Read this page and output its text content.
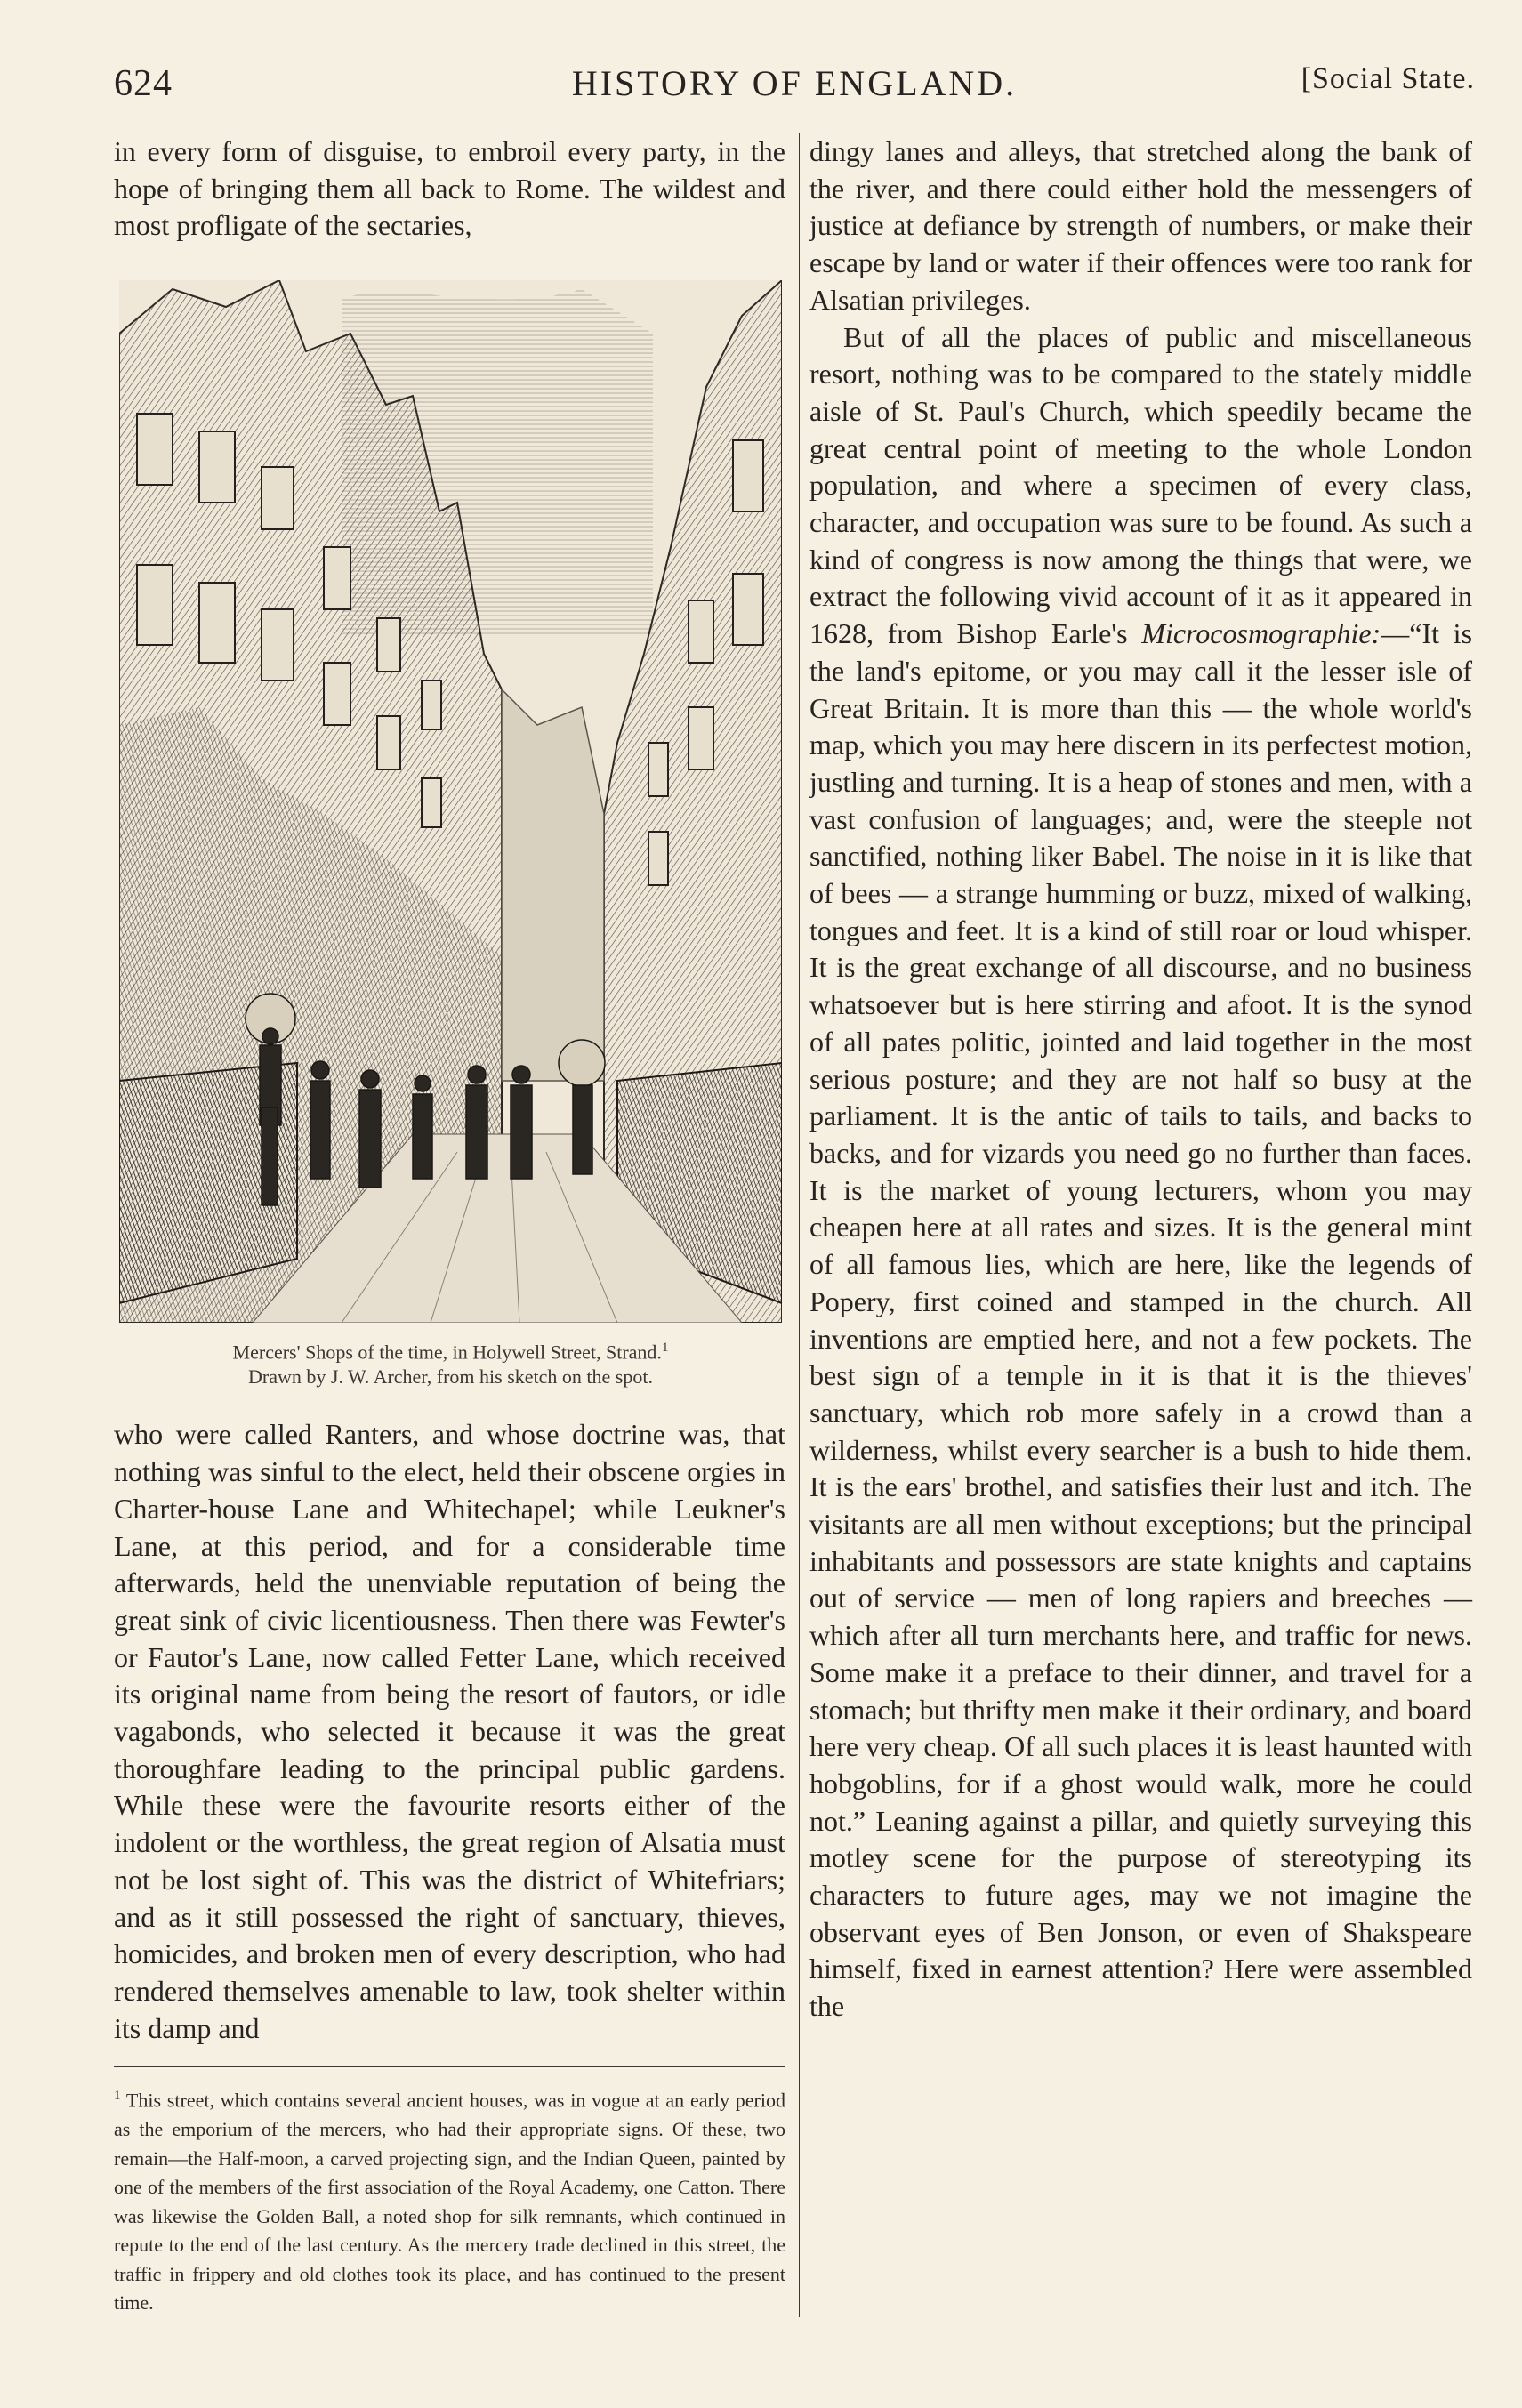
624	HISTORY OF ENGLAND.	[Social State.

in every form of disguise, to embroil every party, in the hope of bringing them all back to Rome. The wildest and most profligate of the sectaries,

Mercers' Shops of the time, in Holywell Street, Strand.$^1$
Drawn by J. W. Archer, from his sketch on the spot.

who were called Ranters, and whose doctrine was, that nothing was sinful to the elect, held their obscene orgies in Charter-house Lane and Whitechapel; while Leukner's Lane, at this period, and for a considerable time afterwards, held the unenviable reputation of being the great sink of civic licentiousness. Then there was Fewter's or Fautor's Lane, now called Fetter Lane, which received its original name from being the resort of fautors, or idle vagabonds, who selected it because it was the great thoroughfare leading to the principal public gardens. While these were the favourite resorts either of the indolent or the worthless, the great region of Alsatia must not be lost sight of. This was the district of Whitefriars; and as it still possessed the right of sanctuary, thieves, homicides, and broken men of every description, who had rendered themselves amenable to law, took shelter within its damp and

$^1$ This street, which contains several ancient houses, was in vogue at an early period as the emporium of the mercers, who had their appropriate signs. Of these, two remain—the Half-moon, a carved projecting sign, and the Indian Queen, painted by one of the members of the first association of the Royal Academy, one Catton. There was likewise the Golden Ball, a noted shop for silk remnants, which continued in repute to the end of the last century. As the mercery trade declined in this street, the traffic in frippery and old clothes took its place, and has continued to the present time.

dingy lanes and alleys, that stretched along the bank of the river, and there could either hold the messengers of justice at defiance by strength of numbers, or make their escape by land or water if their offences were too rank for Alsatian privileges.

But of all the places of public and miscellaneous resort, nothing was to be compared to the stately middle aisle of St. Paul's Church, which speedily became the great central point of meeting to the whole London population, and where a specimen of every class, character, and occupation was sure to be found. As such a kind of congress is now among the things that were, we extract the following vivid account of it as it appeared in 1628, from Bishop Earle's Microcosmographie:—“It is the land's epitome, or you may call it the lesser isle of Great Britain. It is more than this — the whole world's map, which you may here discern in its perfectest motion, justling and turning. It is a heap of stones and men, with a vast confusion of languages; and, were the steeple not sanctified, nothing liker Babel. The noise in it is like that of bees — a strange humming or buzz, mixed of walking, tongues and feet. It is a kind of still roar or loud whisper. It is the great exchange of all discourse, and no business whatsoever but is here stirring and afoot. It is the synod of all pates politic, jointed and laid together in the most serious posture; and they are not half so busy at the parliament. It is the antic of tails to tails, and backs to backs, and for vizards you need go no further than faces. It is the market of young lecturers, whom you may cheapen here at all rates and sizes. It is the general mint of all famous lies, which are here, like the legends of Popery, first coined and stamped in the church. All inventions are emptied here, and not a few pockets. The best sign of a temple in it is that it is the thieves' sanctuary, which rob more safely in a crowd than a wilderness, whilst every searcher is a bush to hide them. It is the ears' brothel, and satisfies their lust and itch. The visitants are all men without exceptions; but the principal inhabitants and possessors are state knights and captains out of service — men of long rapiers and breeches — which after all turn merchants here, and traffic for news. Some make it a preface to their dinner, and travel for a stomach; but thrifty men make it their ordinary, and board here very cheap. Of all such places it is least haunted with hobgoblins, for if a ghost would walk, more he could not.” Leaning against a pillar, and quietly surveying this motley scene for the purpose of stereotyping its characters to future ages, may we not imagine the observant eyes of Ben Jonson, or even of Shakspeare himself, fixed in earnest attention? Here were assembled the
